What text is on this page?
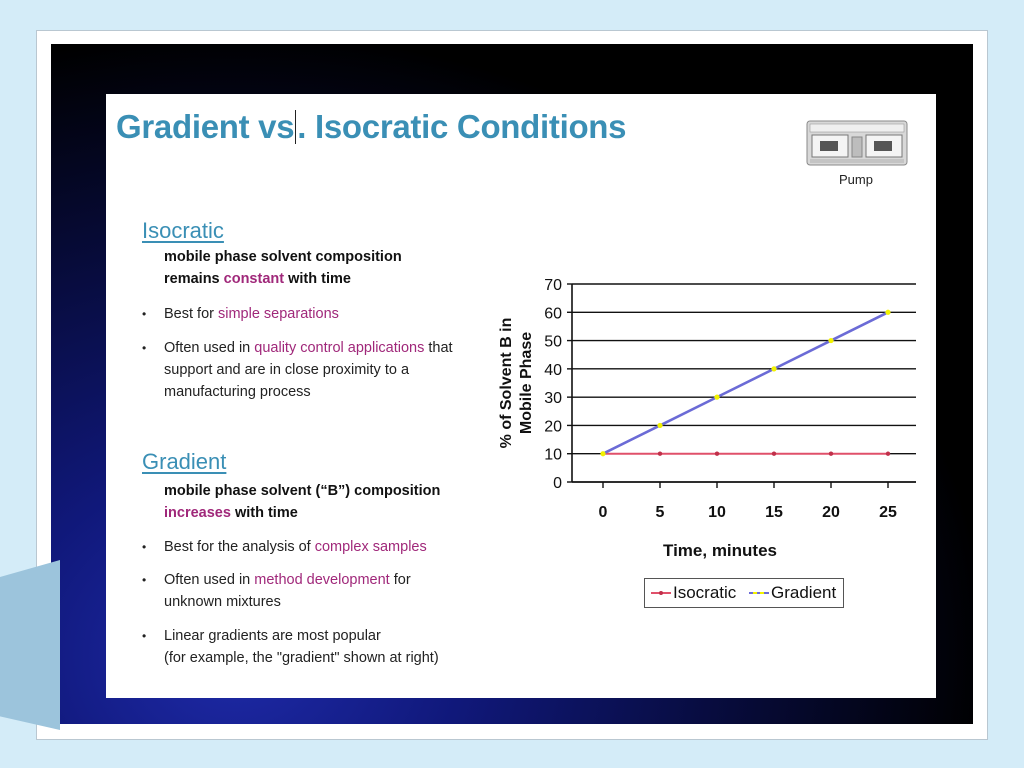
Gradient vs. Isocratic Conditions
Pump
Isocratic
mobile phase solvent composition
remains constant with time
• Best for simple separations
• Often used in quality control applications that
support and are in close proximity to a
manufacturing process
Gradient
mobile phase solvent (“B”) composition
increases with time
• Best for the analysis of complex samples
• Often used in method development for
unknown mixtures
• Linear gradients are most popular
(for example, the "gradient" shown at right)
0
10
20
30
40
50
60
70
0	5	10 15 20 25
Time, minutes
% of Solvent B in Mobile Phase
Isocratic Gradient
